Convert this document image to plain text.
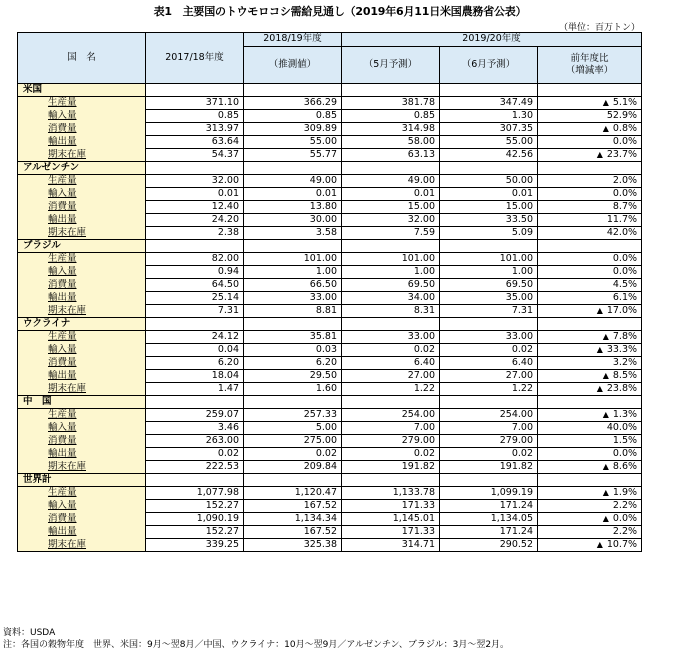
表1　主要国のトウモロコシ需給見通し（2019年6月11日米国農務省公表）
（単位：百万トン）
国　名	2017/18年度	2018/19年度	2019/20年度		
		（推測値）	（5月予測）	（6月予測）	前年度比
（増減率）
米国					
生産量	371.10	366.29	381.78	347.49	▲ 5.1%
輸入量	0.85	0.85	0.85	1.30	52.9%
消費量	313.97	309.89	314.98	307.35	▲ 0.8%
輸出量	63.64	55.00	58.00	55.00	0.0%
期末在庫	54.37	55.77	63.13	42.56	▲ 23.7%
アルゼンチン					
生産量	32.00	49.00	49.00	50.00	2.0%
輸入量	0.01	0.01	0.01	0.01	0.0%
消費量	12.40	13.80	15.00	15.00	8.7%
輸出量	24.20	30.00	32.00	33.50	11.7%
期末在庫	2.38	3.58	7.59	5.09	42.0%
ブラジル					
生産量	82.00	101.00	101.00	101.00	0.0%
輸入量	0.94	1.00	1.00	1.00	0.0%
消費量	64.50	66.50	69.50	69.50	4.5%
輸出量	25.14	33.00	34.00	35.00	6.1%
期末在庫	7.31	8.81	8.31	7.31	▲ 17.0%
ウクライナ					
生産量	24.12	35.81	33.00	33.00	▲ 7.8%
輸入量	0.04	0.03	0.02	0.02	▲ 33.3%
消費量	6.20	6.20	6.40	6.40	3.2%
輸出量	18.04	29.50	27.00	27.00	▲ 8.5%
期末在庫	1.47	1.60	1.22	1.22	▲ 23.8%
中　国					
生産量	259.07	257.33	254.00	254.00	▲ 1.3%
輸入量	3.46	5.00	7.00	7.00	40.0%
消費量	263.00	275.00	279.00	279.00	1.5%
輸出量	0.02	0.02	0.02	0.02	0.0%
期末在庫	222.53	209.84	191.82	191.82	▲ 8.6%
世界計					
生産量	1,077.98	1,120.47	1,133.78	1,099.19	▲ 1.9%
輸入量	152.27	167.52	171.33	171.24	2.2%
消費量	1,090.19	1,134.34	1,145.01	1,134.05	▲ 0.0%
輸出量	152.27	167.52	171.33	171.24	2.2%
期末在庫	339.25	325.38	314.71	290.52	▲ 10.7%
資料：USDA
注：各国の穀物年度　世界、米国：9月～翌8月／中国、ウクライナ：10月～翌9月／アルゼンチン、ブラジル：3月～翌2月。
